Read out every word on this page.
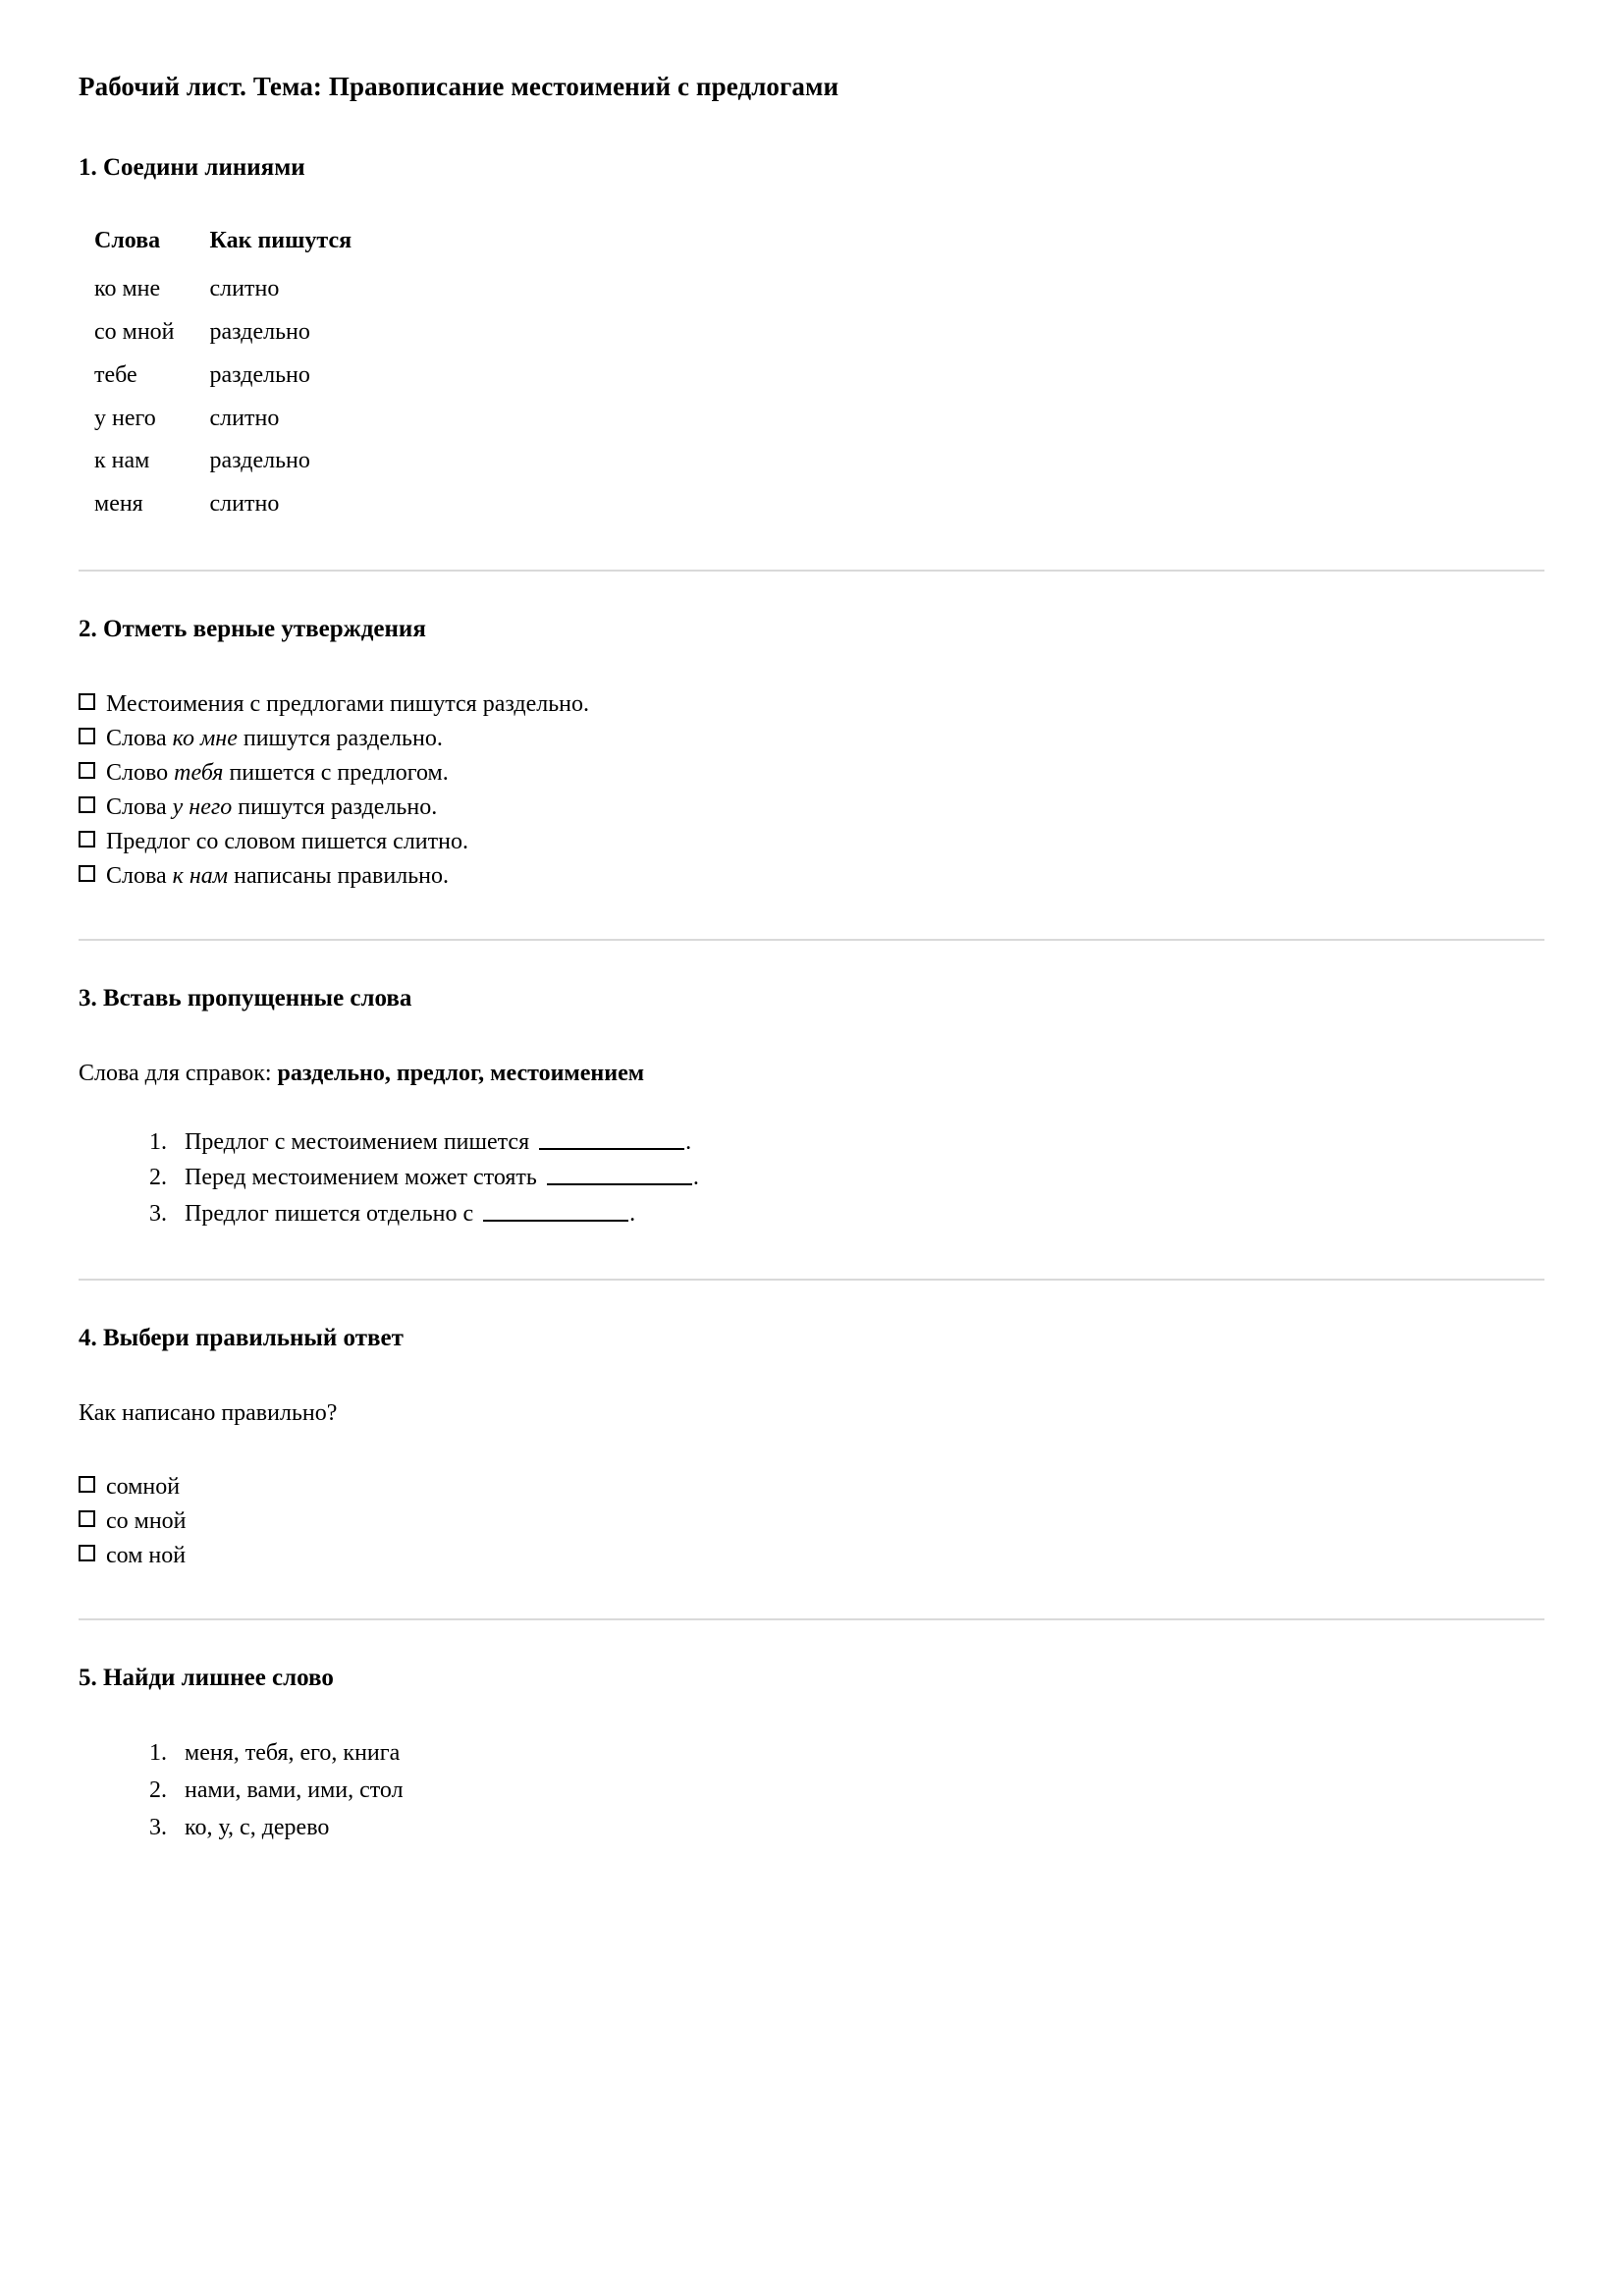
Рабочий лист. Тема: Правописание местоимений с предлогами
1. Соедини линиями
Слова	Как пишутся
ко мне	слитно
со мной	раздельно
тебе	раздельно
у него	слитно
к нам	раздельно
меня	слитно
2. Отметь верные утверждения
Местоимения с предлогами пишутся раздельно.
Слова ко мне пишутся раздельно.
Слово тебя пишется с предлогом.
Слова у него пишутся раздельно.
Предлог со словом пишется слитно.
Слова к нам написаны правильно.
3. Вставь пропущенные слова

Слова для справок: раздельно, предлог, местоимением

1. Предлог с местоимением пишется	.
2. Перед местоимением может стоять	.
3. Предлог пишется отдельно с	.
4. Выбери правильный ответ

Как написано правильно?

сомной
со мной
сом ной
5. Найди лишнее слово
1. меня, тебя, его, книга
2. нами, вами, ими, стол
3. ко, у, с, дерево
